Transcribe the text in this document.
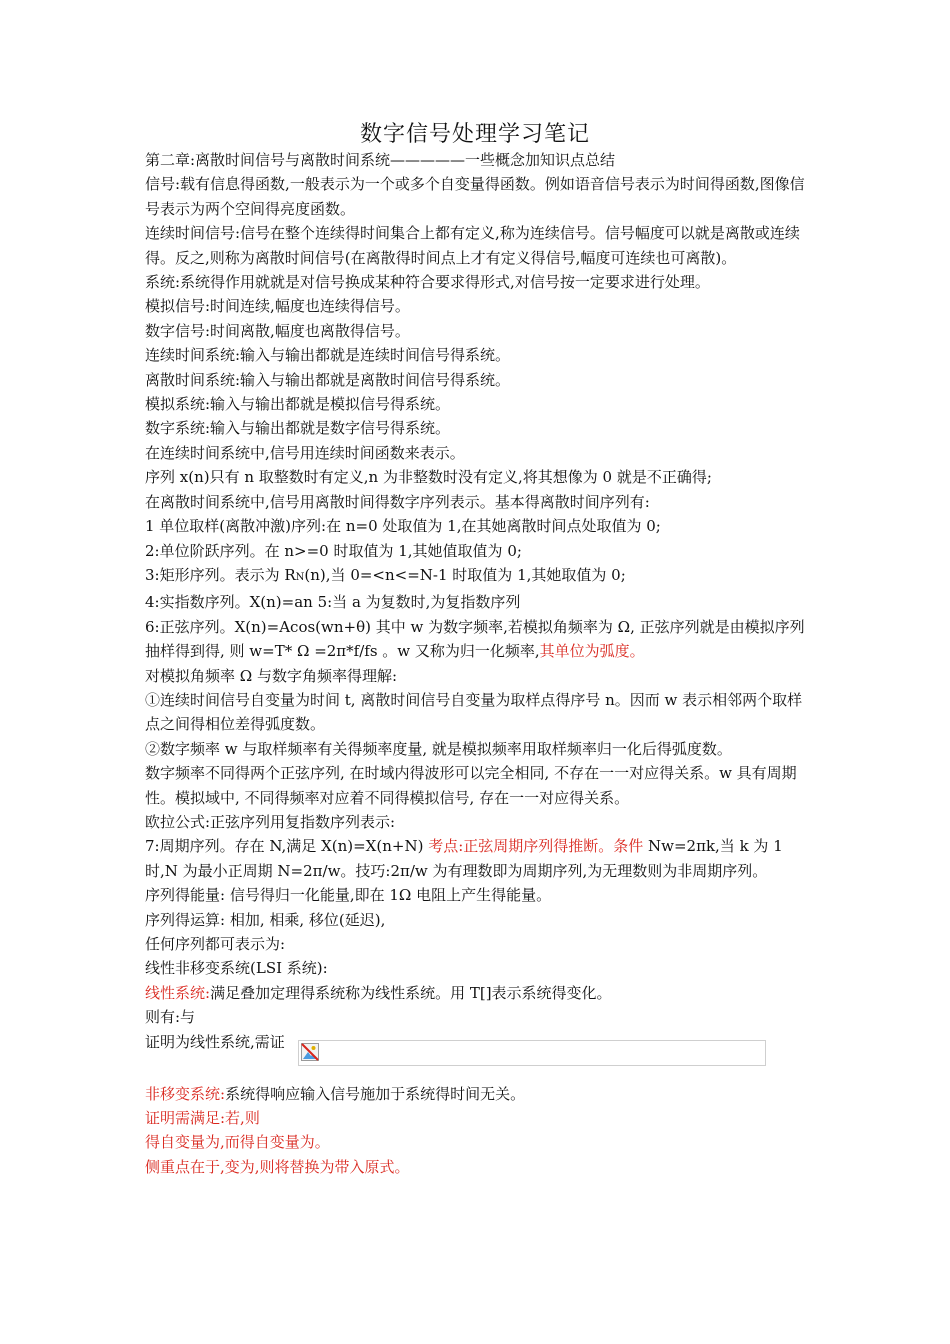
数字信号处理学习笔记

第二章:离散时间信号与离散时间系统—————一些概念加知识点总结

信号:载有信息得函数,一般表示为一个或多个自变量得函数。例如语音信号表示为时间得函数,图像信号表示为两个空间得亮度函数。

连续时间信号:信号在整个连续得时间集合上都有定义,称为连续信号。信号幅度可以就是离散或连续得。反之,则称为离散时间信号(在离散得时间点上才有定义得信号,幅度可连续也可离散)。

系统:系统得作用就就是对信号换成某种符合要求得形式,对信号按一定要求进行处理。

模拟信号:时间连续,幅度也连续得信号。

数字信号:时间离散,幅度也离散得信号。

连续时间系统:输入与输出都就是连续时间信号得系统。

离散时间系统:输入与输出都就是离散时间信号得系统。

模拟系统:输入与输出都就是模拟信号得系统。

数字系统:输入与输出都就是数字信号得系统。

在连续时间系统中,信号用连续时间函数来表示。

序列 x(n)只有 n 取整数时有定义,n 为非整数时没有定义,将其想像为 0 就是不正确得;

在离散时间系统中,信号用离散时间得数字序列表示。基本得离散时间序列有:

1 单位取样(离散冲激)序列:在 n=0 处取值为 1,在其她离散时间点处取值为 0;

2:单位阶跃序列。在 n>=0 时取值为 1,其她值取值为 0;

3:矩形序列。表示为 RN(n),当 0=<n<=N-1 时取值为 1,其她取值为 0;

4:实指数序列。X(n)=an 5:当 a 为复数时,为复指数序列

6:正弦序列。X(n)=Acos(wn+θ) 其中 w 为数字频率,若模拟角频率为 Ω, 正弦序列就是由模拟序列抽样得到得, 则 w=T* Ω =2π*f/fs 。w 又称为归一化频率,其单位为弧度。

对模拟角频率 Ω 与数字角频率得理解:

①连续时间信号自变量为时间 t, 离散时间信号自变量为取样点得序号 n。因而 w 表示相邻两个取样点之间得相位差得弧度数。

②数字频率 w 与取样频率有关得频率度量, 就是模拟频率用取样频率归一化后得弧度数。

数字频率不同得两个正弦序列, 在时域内得波形可以完全相同, 不存在一一对应得关系。w 具有周期性。模拟域中, 不同得频率对应着不同得模拟信号, 存在一一对应得关系。

欧拉公式:正弦序列用复指数序列表示:

7:周期序列。存在 N,满足 X(n)=X(n+N) 考点:正弦周期序列得推断。条件 Nw=2πk,当 k 为 1 时,N 为最小正周期 N=2π/w。技巧:2π/w 为有理数即为周期序列,为无理数则为非周期序列。

序列得能量: 信号得归一化能量,即在 1Ω 电阻上产生得能量。

序列得运算: 相加, 相乘, 移位(延迟),

任何序列都可表示为:

线性非移变系统(LSI 系统):

线性系统:满足叠加定理得系统称为线性系统。用 T[]表示系统得变化。

则有:与

证明为线性系统,需证

非移变系统:系统得响应输入信号施加于系统得时间无关。

证明需满足:若,则

得自变量为,而得自变量为。

侧重点在于,变为,则将替换为带入原式。
